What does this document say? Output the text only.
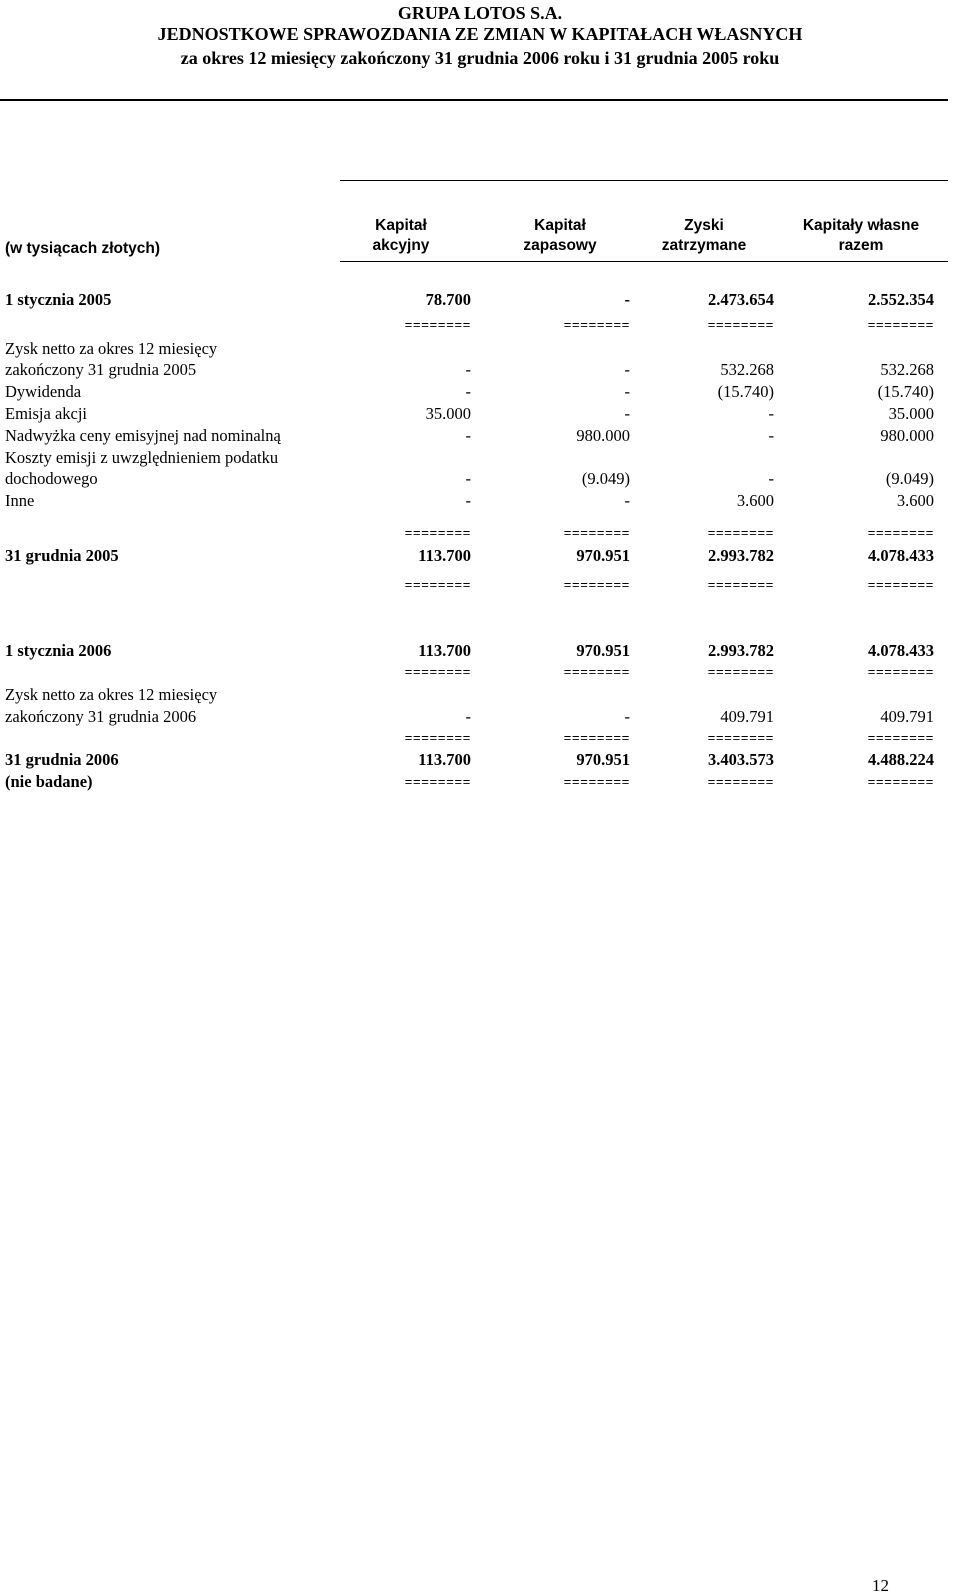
GRUPA LOTOS S.A.
JEDNOSTKOWE SPRAWOZDANIA ZE ZMIAN W KAPITAŁACH WŁASNYCH
za okres 12 miesięcy zakończony 31 grudnia 2006 roku i 31 grudnia 2005 roku
(w tysiącach złotych)
Kapitał
akcyjny
Kapitał
zapasowy
Zyski
zatrzymane
Kapitały własne
razem
1 stycznia 2005	78.700	-	2.473.654	2.552.354
========	========	========	========
Zysk netto za okres 12 miesięcy
zakończony 31 grudnia 2005	-	-	532.268	532.268
Dywidenda	-	-	(15.740)	(15.740)
Emisja akcji	35.000	-	-	35.000
Nadwyżka ceny emisyjnej nad nominalną	-	980.000	-	980.000
Koszty emisji z uwzględnieniem podatku
dochodowego	-	(9.049)	-	(9.049)
Inne	-	-	3.600	3.600
========	========	========	========
31 grudnia 2005	113.700	970.951	2.993.782	4.078.433
========	========	========	========
1 stycznia 2006	113.700	970.951	2.993.782	4.078.433
========	========	========	========
Zysk netto za okres 12 miesięcy
zakończony 31 grudnia 2006	-	-	409.791	409.791
========	========	========	========
31 grudnia 2006	113.700	970.951	3.403.573	4.488.224
(nie badane)	========	========	========	========
12
